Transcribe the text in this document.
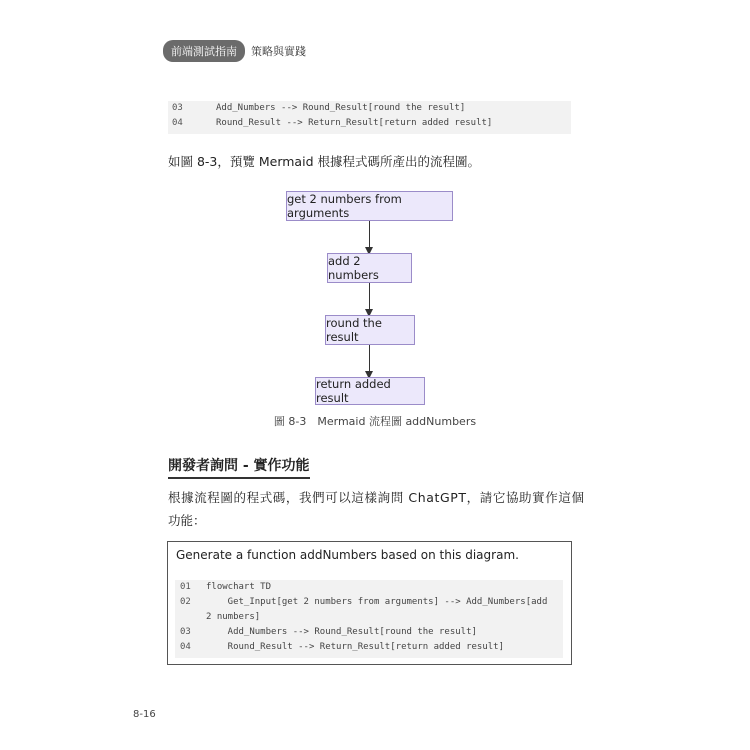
前端測試指南	策略與實踐
03	Add_Numbers --> Round_Result[round the result]
04	Round_Result --> Return_Result[return added result]
如圖 8-3，預覽 Mermaid 根據程式碼所產出的流程圖。
get 2 numbers from arguments
add 2 numbers
round the result
return added result
圖 8-3　Mermaid 流程圖 addNumbers
開發者詢問 - 實作功能
根據流程圖的程式碼，我們可以這樣詢問 ChatGPT，請它協助實作這個
功能：
Generate a function addNumbers based on this diagram.
01 flowchart TD
02    Get_Input[get 2 numbers from arguments] --> Add_Numbers[add
2 numbers]
03    Add_Numbers --> Round_Result[round the result]
04    Round_Result --> Return_Result[return added result]
8-16
